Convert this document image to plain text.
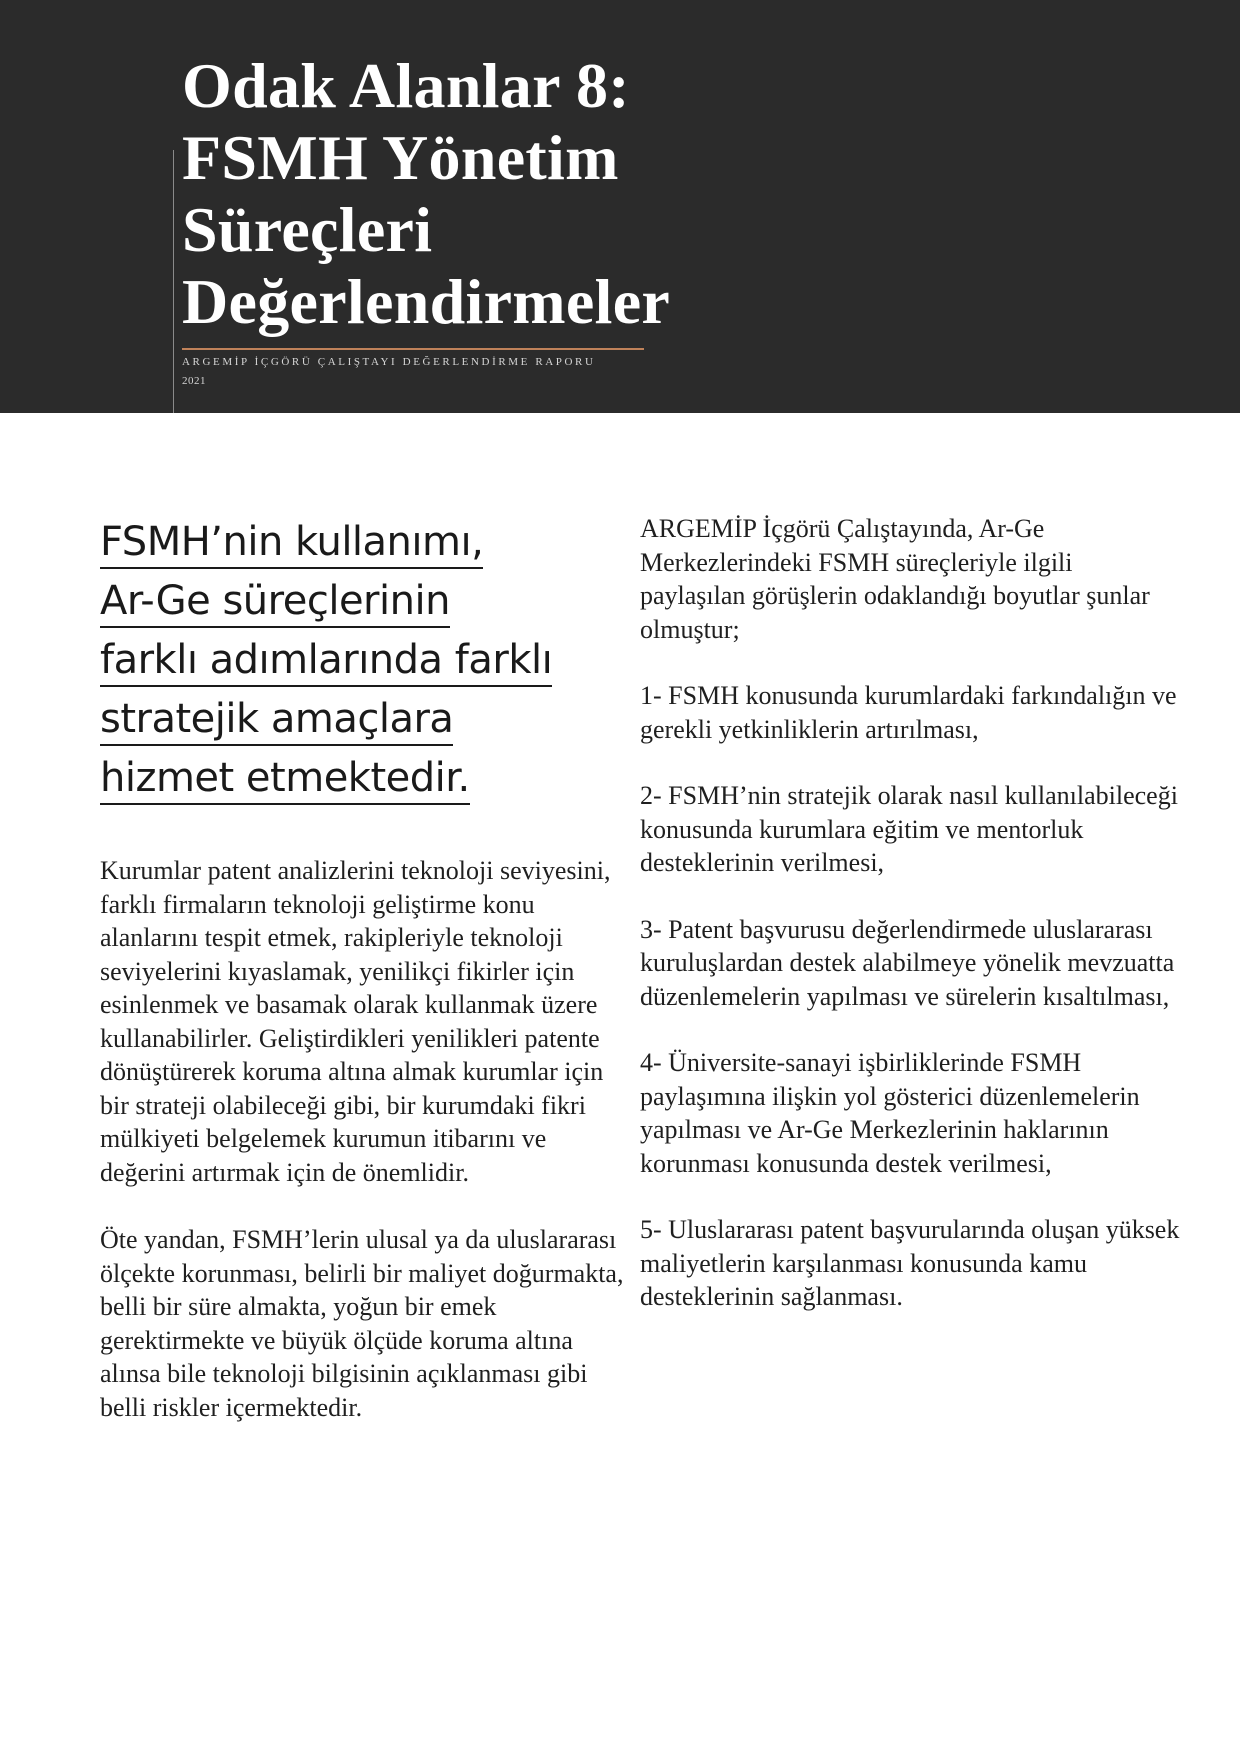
Odak Alanlar 8:
FSMH Yönetim
Süreçleri
Değerlendirmeler
ARGEMİP İÇGÖRÜ ÇALIŞTAYI DEĞERLENDİRME RAPORU
2021
FSMH’nin kullanımı,
Ar-Ge süreçlerinin
farklı adımlarında farklı
stratejik amaçlara
hizmet etmektedir.

Kurumlar patent analizlerini teknoloji seviyesini, farklı firmaların teknoloji geliştirme konu alanlarını tespit etmek, rakipleriyle teknoloji seviyelerini kıyaslamak, yenilikçi fikirler için esinlenmek ve basamak olarak kullanmak üzere kullanabilirler. Geliştirdikleri yenilikleri patente dönüştürerek koruma altına almak kurumlar için bir strateji olabileceği gibi, bir kurumdaki fikri mülkiyeti belgelemek kurumun itibarını ve değerini artırmak için de önemlidir.

Öte yandan, FSMH’lerin ulusal ya da uluslararası ölçekte korunması, belirli bir maliyet doğurmakta, belli bir süre almakta, yoğun bir emek gerektirmekte ve büyük ölçüde koruma altına alınsa bile teknoloji bilgisinin açıklanması gibi belli riskler içermektedir.

ARGEMİP İçgörü Çalıştayında, Ar-Ge Merkezlerindeki FSMH süreçleriyle ilgili paylaşılan görüşlerin odaklandığı boyutlar şunlar olmuştur;

1- FSMH konusunda kurumlardaki farkındalığın ve gerekli yetkinliklerin artırılması,

2- FSMH’nin stratejik olarak nasıl kullanılabileceği konusunda kurumlara eğitim ve mentorluk desteklerinin verilmesi,

3- Patent başvurusu değerlendirmede uluslararası kuruluşlardan destek alabilmeye yönelik mevzuatta düzenlemelerin yapılması ve sürelerin kısaltılması,

4- Üniversite-sanayi işbirliklerinde FSMH paylaşımına ilişkin yol gösterici düzenlemelerin yapılması ve Ar-Ge Merkezlerinin haklarının korunması konusunda destek verilmesi,

5- Uluslararası patent başvurularında oluşan yüksek maliyetlerin karşılanması konusunda kamu desteklerinin sağlanması.
